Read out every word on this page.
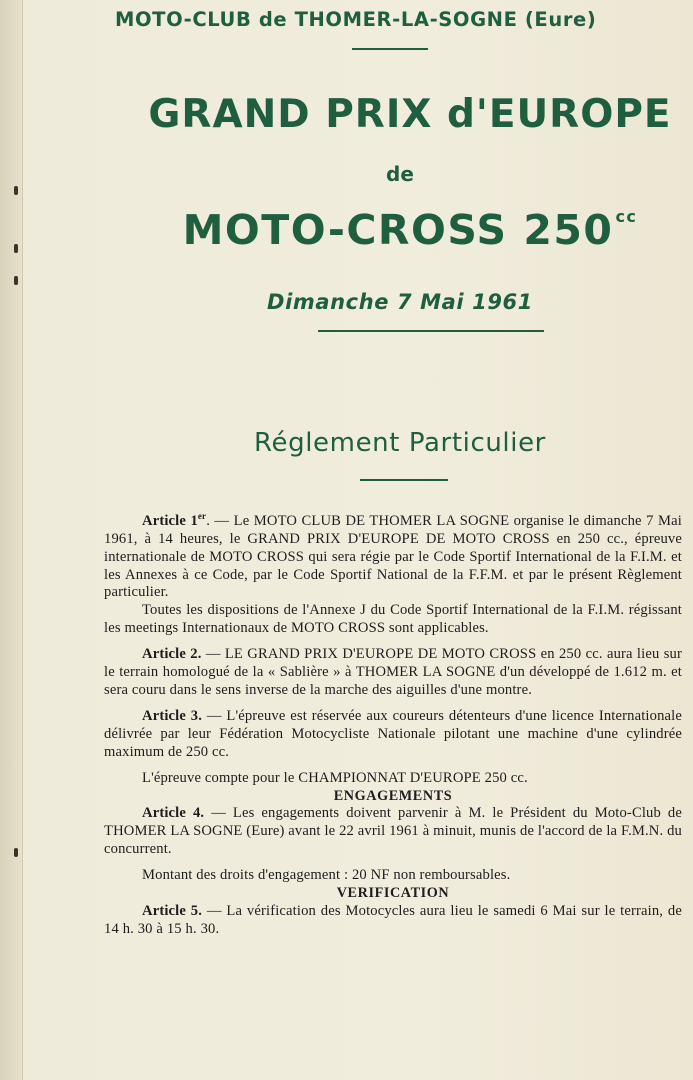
MOTO-CLUB de THOMER-LA-SOGNE (Eure)
GRAND PRIX d'EUROPE
de
MOTO-CROSS 250 $^{cc}$
Dimanche 7 Mai 1961
Réglement Particulier

Article 1er. — Le MOTO CLUB DE THOMER LA SOGNE organise le dimanche 7 Mai 1961, à 14 heures, le GRAND PRIX D'EUROPE DE MOTO CROSS en 250 cc., épreuve internationale de MOTO CROSS qui sera régie par le Code Sportif International de la F.I.M. et les Annexes à ce Code, par le Code Sportif National de la F.F.M. et par le présent Règlement particulier.

Toutes les dispositions de l'Annexe J du Code Sportif International de la F.I.M. régissant les meetings Internationaux de MOTO CROSS sont applicables.

Article 2. — LE GRAND PRIX D'EUROPE DE MOTO CROSS en 250 cc. aura lieu sur le terrain homologué de la « Sablière » à THOMER LA SOGNE d'un développé de 1.612 m. et sera couru dans le sens inverse de la marche des aiguilles d'une montre.

Article 3. — L'épreuve est réservée aux coureurs détenteurs d'une licence Internationale délivrée par leur Fédération Motocycliste Nationale pilotant une machine d'une cylindrée maximum de 250 cc.

L'épreuve compte pour le CHAMPIONNAT D'EUROPE 250 cc.

ENGAGEMENTS

Article 4. — Les engagements doivent parvenir à M. le Président du Moto-Club de THOMER LA SOGNE (Eure) avant le 22 avril 1961 à minuit, munis de l'accord de la F.M.N. du concurrent.

Montant des droits d'engagement : 20 NF non remboursables.

VERIFICATION

Article 5. — La vérification des Motocycles aura lieu le samedi 6 Mai sur le terrain, de 14 h. 30 à 15 h. 30.
